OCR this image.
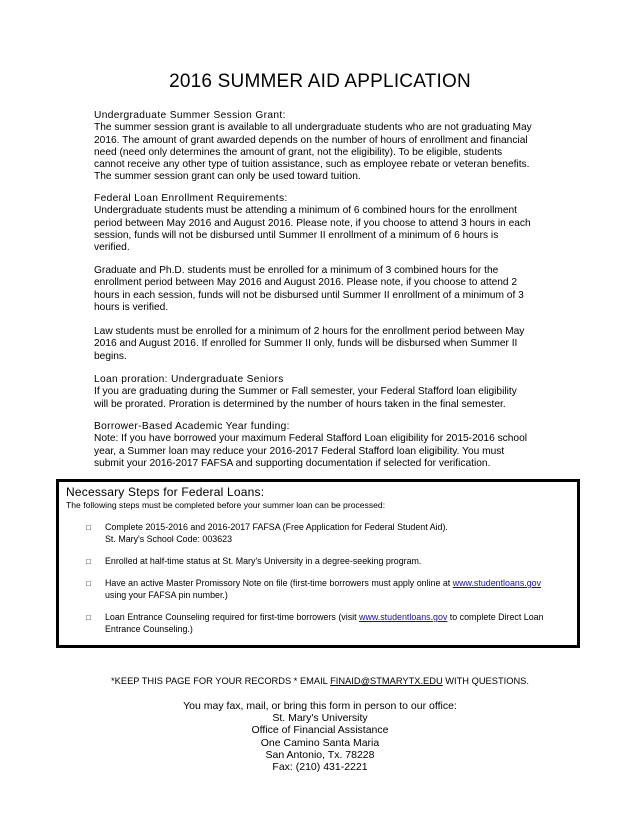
2016 SUMMER AID APPLICATION

Undergraduate Summer Session Grant:

The summer session grant is available to all undergraduate students who are not graduating May

2016. The amount of grant awarded depends on the number of hours of enrollment and financial

need (need only determines the amount of grant, not the eligibility). To be eligible, students

cannot receive any other type of tuition assistance, such as employee rebate or veteran benefits.

The summer session grant can only be used toward tuition.

Federal Loan Enrollment Requirements:

Undergraduate students must be attending a minimum of 6 combined hours for the enrollment

period between May 2016 and August 2016. Please note, if you choose to attend 3 hours in each

session, funds will not be disbursed until Summer II enrollment of a minimum of 6 hours is

verified.

Graduate and Ph.D. students must be enrolled for a minimum of 3 combined hours for the

enrollment period between May 2016 and August 2016. Please note, if you choose to attend 2

hours in each session, funds will not be disbursed until Summer II enrollment of a minimum of 3

hours is verified.

Law students must be enrolled for a minimum of 2 hours for the enrollment period between May

2016 and August 2016. If enrolled for Summer II only, funds will be disbursed when Summer II

begins.

Loan proration: Undergraduate Seniors

If you are graduating during the Summer or Fall semester, your Federal Stafford loan eligibility

will be prorated. Proration is determined by the number of hours taken in the final semester.

Borrower-Based Academic Year funding:

Note: If you have borrowed your maximum Federal Stafford Loan eligibility for 2015-2016 school

year, a Summer loan may reduce your 2016-2017 Federal Stafford loan eligibility. You must

submit your 2016-2017 FAFSA and supporting documentation if selected for verification.

Necessary Steps for Federal Loans:
The following steps must be completed before your summer loan can be processed:
□ Complete 2015-2016 and 2016-2017 FAFSA (Free Application for Federal Student Aid).
St. Mary's School Code: 003623
□ Enrolled at half-time status at St. Mary's University in a degree-seeking program.
□ Have an active Master Promissory Note on file (first-time borrowers must apply online at www.studentloans.gov
using your FAFSA pin number.)
□ Loan Entrance Counseling required for first-time borrowers (visit www.studentloans.gov to complete Direct Loan
Entrance Counseling.)
*KEEP THIS PAGE FOR YOUR RECORDS * EMAIL FINAID@STMARYTX.EDU WITH QUESTIONS.
You may fax, mail, or bring this form in person to our office:
St. Mary's University
Office of Financial Assistance
One Camino Santa Maria
San Antonio, Tx. 78228
Fax: (210) 431-2221
